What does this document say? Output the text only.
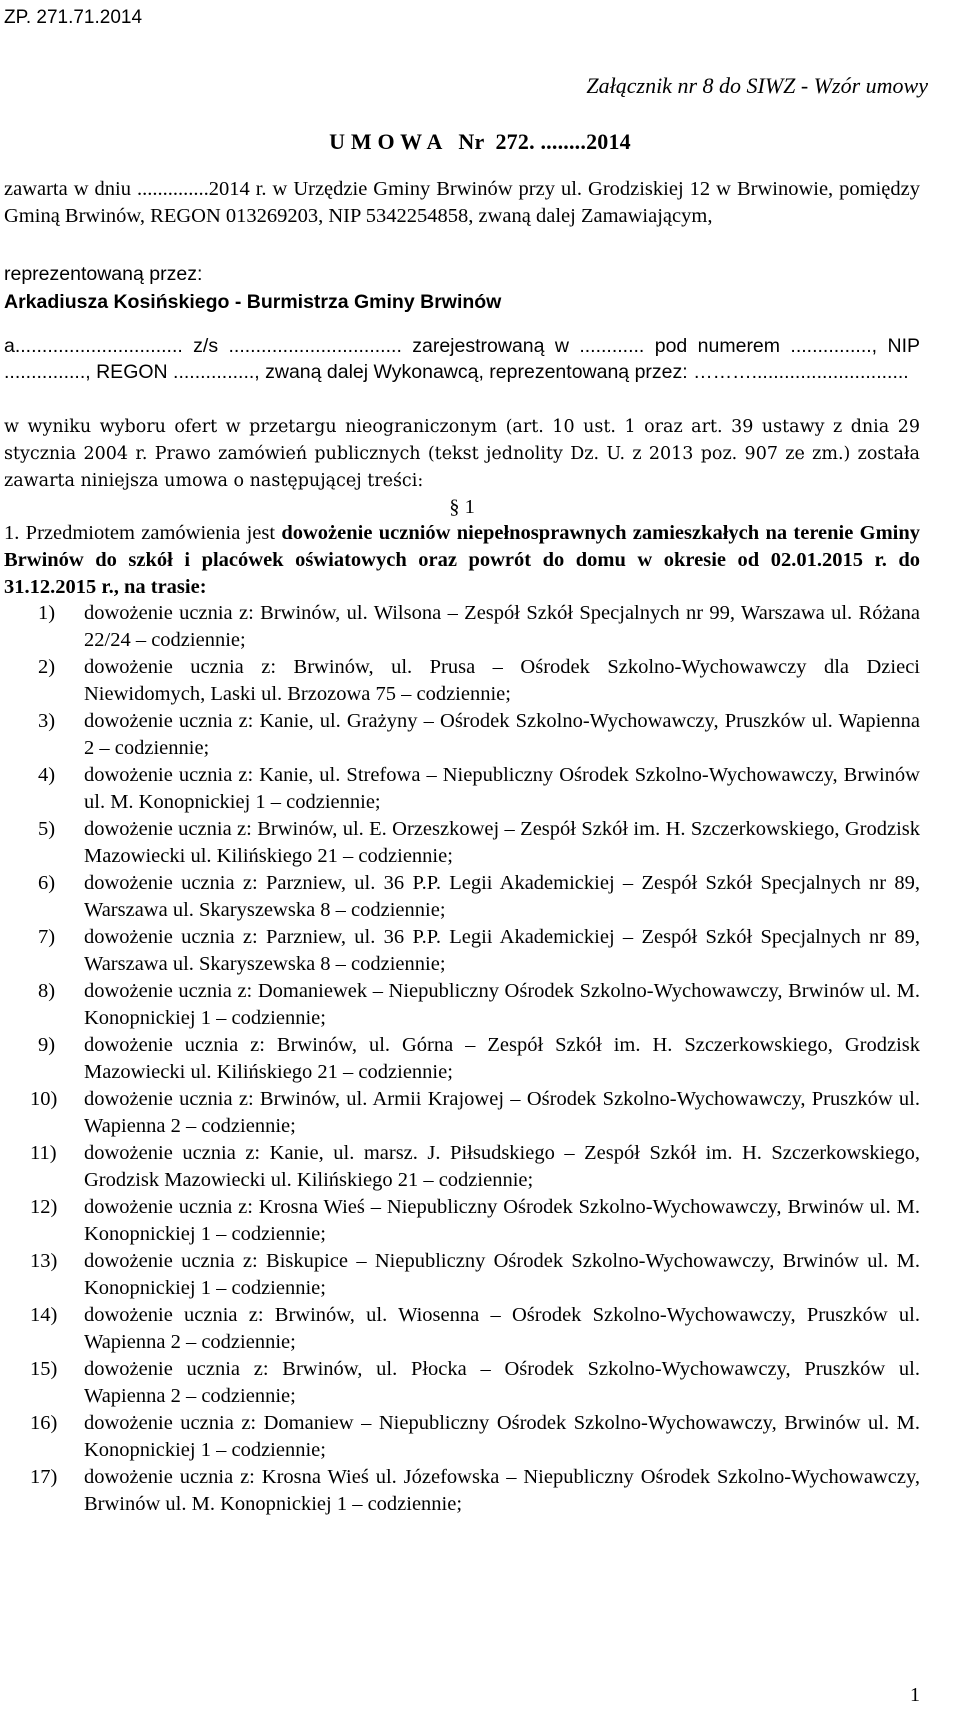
ZP. 271.71.2014
Załącznik nr 8 do SIWZ - Wzór umowy
U M O W A   Nr  272. ........2014
zawarta w dniu ..............2014 r. w Urzędzie Gminy Brwinów przy ul. Grodziskiej 12 w Brwinowie, pomiędzy Gminą Brwinów, REGON 013269203, NIP 5342254858, zwaną dalej Zamawiającym,
reprezentowaną przez:
Arkadiusza Kosińskiego - Burmistrza Gminy Brwinów
a............................... z/s ................................ zarejestrowaną w ............ pod numerem ..............., NIP ..............., REGON ..............., zwaną dalej Wykonawcą, reprezentowaną przez: ……….............................
w wyniku wyboru ofert w przetargu nieograniczonym (art. 10 ust. 1 oraz art. 39 ustawy z dnia 29 stycznia 2004 r. Prawo zamówień publicznych (tekst jednolity Dz. U. z 2013 poz. 907 ze zm.) została zawarta niniejsza umowa o następującej treści:
§ 1
1. Przedmiotem zamówienia jest dowożenie uczniów niepełnosprawnych zamieszkałych na terenie Gminy Brwinów do szkół i placówek oświatowych oraz powrót do domu w okresie od 02.01.2015 r. do 31.12.2015 r., na trasie:
1) dowożenie ucznia z: Brwinów, ul. Wilsona – Zespół Szkół Specjalnych nr 99, Warszawa ul. Różana 22/24 – codziennie;
2) dowożenie ucznia z: Brwinów, ul. Prusa – Ośrodek Szkolno-Wychowawczy dla Dzieci Niewidomych, Laski ul. Brzozowa 75 – codziennie;
3) dowożenie ucznia z: Kanie, ul. Grażyny – Ośrodek Szkolno-Wychowawczy, Pruszków ul. Wapienna 2 – codziennie;
4) dowożenie ucznia z: Kanie, ul. Strefowa – Niepubliczny Ośrodek Szkolno-Wychowawczy, Brwinów ul. M. Konopnickiej 1 – codziennie;
5) dowożenie ucznia z: Brwinów, ul. E. Orzeszkowej – Zespół Szkół im. H. Szczerkowskiego, Grodzisk Mazowiecki ul. Kilińskiego 21 – codziennie;
6) dowożenie ucznia z: Parzniew, ul. 36 P.P. Legii Akademickiej – Zespół Szkół Specjalnych nr 89, Warszawa ul. Skaryszewska 8 – codziennie;
7) dowożenie ucznia z: Parzniew, ul. 36 P.P. Legii Akademickiej – Zespół Szkół Specjalnych nr 89, Warszawa ul. Skaryszewska 8 – codziennie;
8) dowożenie ucznia z: Domaniewek – Niepubliczny Ośrodek Szkolno-Wychowawczy, Brwinów ul. M. Konopnickiej 1 – codziennie;
9) dowożenie ucznia z: Brwinów, ul. Górna – Zespół Szkół im. H. Szczerkowskiego, Grodzisk Mazowiecki ul. Kilińskiego 21 – codziennie;
10) dowożenie ucznia z: Brwinów, ul. Armii Krajowej – Ośrodek Szkolno-Wychowawczy, Pruszków ul. Wapienna 2 – codziennie;
11) dowożenie ucznia z: Kanie, ul. marsz. J. Piłsudskiego – Zespół Szkół im. H. Szczerkowskiego, Grodzisk Mazowiecki ul. Kilińskiego 21 – codziennie;
12) dowożenie ucznia z: Krosna Wieś – Niepubliczny Ośrodek Szkolno-Wychowawczy, Brwinów ul. M. Konopnickiej 1 – codziennie;
13) dowożenie ucznia z: Biskupice – Niepubliczny Ośrodek Szkolno-Wychowawczy, Brwinów ul. M. Konopnickiej 1 – codziennie;
14) dowożenie ucznia z: Brwinów, ul. Wiosenna – Ośrodek Szkolno-Wychowawczy, Pruszków ul. Wapienna 2 – codziennie;
15) dowożenie ucznia z: Brwinów, ul. Płocka – Ośrodek Szkolno-Wychowawczy, Pruszków ul. Wapienna 2 – codziennie;
16) dowożenie ucznia z: Domaniew – Niepubliczny Ośrodek Szkolno-Wychowawczy, Brwinów ul. M. Konopnickiej 1 – codziennie;
17) dowożenie ucznia z: Krosna Wieś ul. Józefowska – Niepubliczny Ośrodek Szkolno-Wychowawczy, Brwinów ul. M. Konopnickiej 1 – codziennie;
1
